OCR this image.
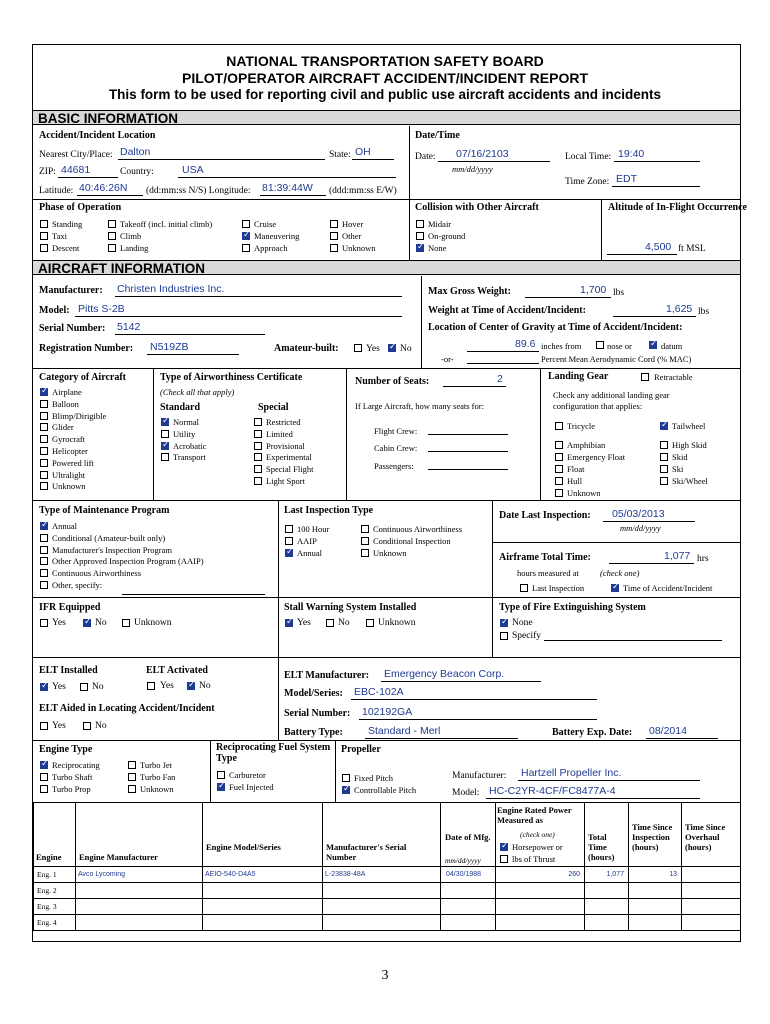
NATIONAL TRANSPORTATION SAFETY BOARD
PILOT/OPERATOR AIRCRAFT ACCIDENT/INCIDENT REPORT
This form to be used for reporting civil and public use aircraft accidents and incidents
BASIC INFORMATION
Accident/Incident Location
Nearest City/Place: Dalton	State: OH
ZIP: 44681	Country:	USA
Latitude: 40:46:26N (dd:mm:ss N/S) Longitude: 81:39:44W (ddd:mm:ss E/W)
Date/Time
Date: 07/16/2103
mm/dd/yyyy
Local Time: 19:40
Time Zone: EDT
Phase of Operation
Standing
Taxi
Descent
Takeoff (incl. initial climb)
Climb
Landing
Cruise
✓
Maneuvering
Approach
Hover
Other
Unknown
Collision with Other Aircraft
Midair
On-ground
✓
None
Altitude of In-Flight Occurrence
4,500 ft MSL
AIRCRAFT INFORMATION
Manufacturer: Christen Industries Inc.
Model: Pitts S-2B
Serial Number: 5142
Registration Number: N519ZB	Amateur-built:	Yes ✓ No
Max Gross Weight:	1,700 lbs
Weight at Time of Accident/Incident:	1,625 lbs
Location of Center of Gravity at Time of Accident/Incident:
89.6 inches from	nose or ✓	datum
-or-	Percent Mean Aerodynamic Cord (% MAC)
Category of Aircraft
✓
Airplane
Balloon
Blimp/Dirigible
Glider
Gyrocraft
Helicopter
Powered lift
Ultralight
Unknown
Type of Airworthiness Certificate
(Check all that apply)
Standard	Special
✓
Normal
Utility
✓
Acrobatic
Transport
Restricted
Limited
Provisional
Experimental
Special Flight
Light Sport
Number of Seats:	2
If Large Aircraft, how many seats for:
Flight Crew:
Cabin Crew:
Passengers:
Landing Gear	Retractable
Check any additional landing gear
configuration that applies:
Tricycle
Amphibian
Emergency Float
Float
Hull
Unknown
✓
Tailwheel
High Skid
Skid
Ski
Ski/Wheel
Type of Maintenance Program
✓
Annual
Conditional (Amateur-built only)
Manufacturer's Inspection Program
Other Approved Inspection Program (AAIP)
Continuous Airworthiness
Other, specify:
Last Inspection Type
100 Hour
AAIP
✓
Annual
Continuous Airworthiness
Conditional Inspection
Unknown
Date Last Inspection: 05/03/2013
mm/dd/yyyy
Airframe Total Time:	1,077 hrs
hours measured at (check one)
Last Inspection ✓	Time of Accident/Incident
IFR Equipped
Yes ✓	No	Unknown
Stall Warning System Installed
✓
Yes	No	Unknown
Type of Fire Extinguishing System
✓
None
Specify
ELT Installed
✓
Yes	No
ELT Activated
Yes ✓	No
ELT Aided in Locating Accident/Incident
Yes	No
ELT Manufacturer: Emergency Beacon Corp.
Model/Series: EBC-102A
Serial Number: 102192GA
Battery Type: Standard - Merl	Battery Exp. Date: 08/2014
Engine Type
✓
Reciprocating
Turbo Shaft
Turbo Prop
Turbo Jet
Turbo Fan
Unknown
Reciprocating Fuel System Type
Carburetor
✓
Fuel Injected
Propeller
Fixed Pitch
✓
Controllable Pitch
Manufacturer: Hartzell Propeller Inc.
Model: HC-C2YR-4CF/FC8477A-4
Engine	Engine Manufacturer
Engine Model/Series	Manufacturer's Serial Number
Date of Mfg.
Engine Rated Power Measured as
Total Time (hours)
Time Since Inspection (hours)
Time Since Overhaul (hours)
mm/dd/yyyy
(check one)
✓
Horsepower or
lbs of Thrust
Eng. 1	Avco Lycoming	AEIO-540-D4A5	L-23838-48A	04/30/1988	260	1,077	13
Eng. 2
Eng. 3
Eng. 4
3
